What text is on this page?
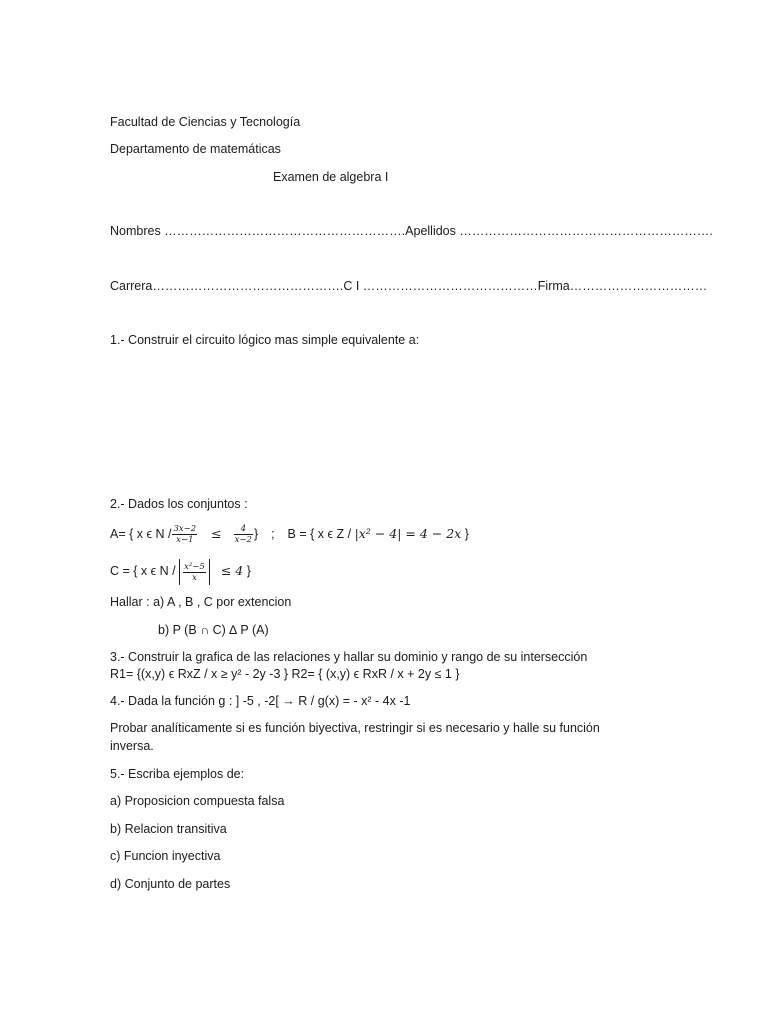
Facultad de Ciencias y Tecnología
Departamento de matemáticas
Examen de algebra I
Nombres ………………………………………………….Apellidos …………………………………………………….
Carrera……………………………………….C I ……………………………………Firma……………………………
1.- Construir el circuito lógico mas simple equivalente a:
2.- Dados los conjuntos :
A= { x ϵ $N / \frac{3x-2}{x-1} \le \frac{4}{x-2}$ } ; B = { x ϵ Z / |x² − 4| = 4 − 2x }
C = { x ϵ $N / \frac{\text{x²−5}}{x} \le 4$ }
Hallar : a) A , B , C por extencion
b) P (B ∩ C) ∆ P (A)
3.- Construir la grafica de las relaciones y hallar su dominio y rango de su intersección
R1= {(x,y) ϵ RxZ / x ≥ y² - 2y -3 } R2= { (x,y) ϵ RxR / x + 2y ≤ 1 }
4.- Dada la función g : ] -5 , -2[ → R / g(x) = - x² - 4x -1
Probar analíticamente si es función biyectiva, restringir si es necesario y halle su función
inversa.
5.- Escriba ejemplos de:
a) Proposicion compuesta falsa
b) Relacion transitiva
c) Funcion inyectiva
d) Conjunto de partes
